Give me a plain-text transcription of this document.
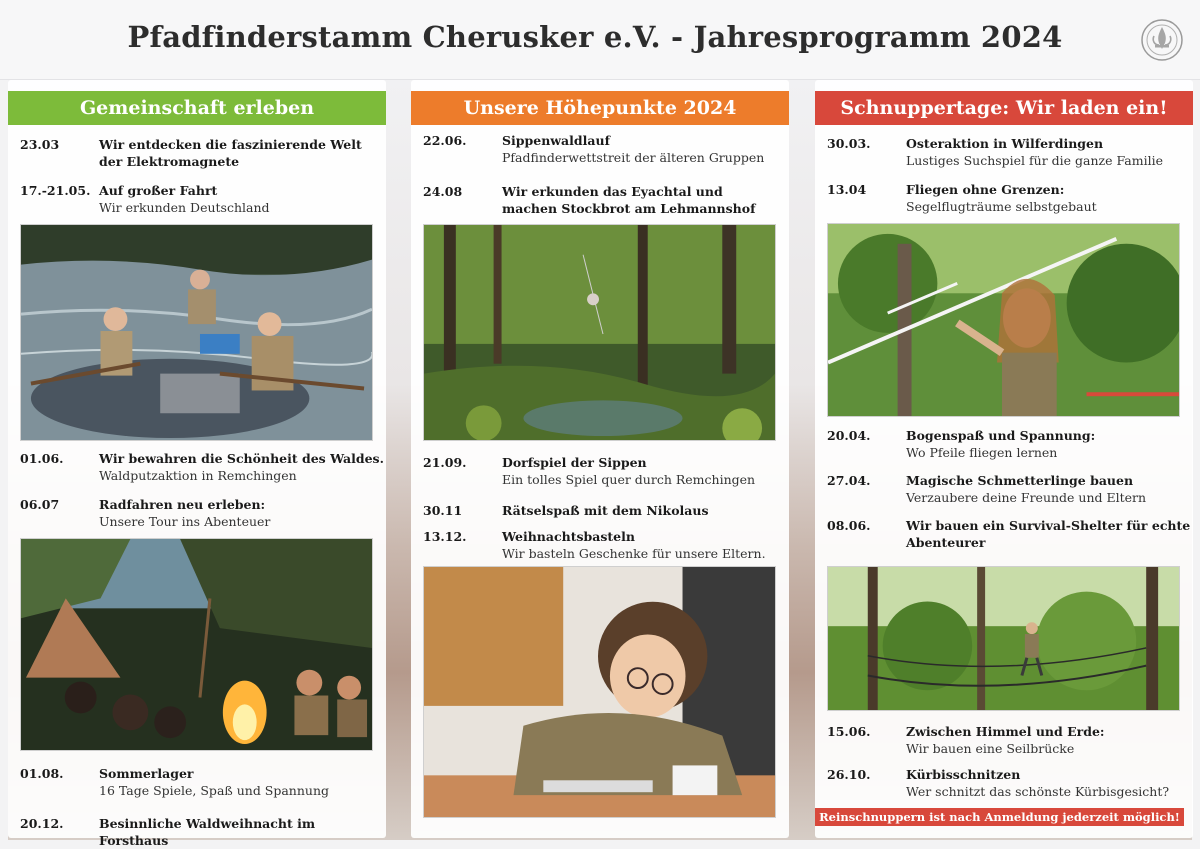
Pfadfinderstamm Cherusker e.V. - Jahresprogramm 2024
Gemeinschaft erleben
23.03	Wir entdecken die faszinierende Welt der Elektromagnete
17.-21.05. Auf großer Fahrt
Wir erkunden Deutschland
01.06.	Wir bewahren die Schönheit des Waldes.
Waldputzaktion in Remchingen
06.07	Radfahren neu erleben:
Unsere Tour ins Abenteuer
01.08.	Sommerlager
16 Tage Spiele, Spaß und Spannung
20.12.	Besinnliche Waldweihnacht im Forsthaus
Unsere Höhepunkte 2024
22.06.	Sippenwaldlauf
Pfadfinderwettstreit der älteren Gruppen
24.08	Wir erkunden das Eyachtal und machen Stockbrot am Lehmannshof
21.09.	Dorfspiel der Sippen
Ein tolles Spiel quer durch Remchingen
30.11	Rätselspaß mit dem Nikolaus
13.12.	Weihnachtsbasteln
Wir basteln Geschenke für unsere Eltern.
Schnuppertage: Wir laden ein!
30.03.	Osteraktion in Wilferdingen
Lustiges Suchspiel für die ganze Familie
13.04	Fliegen ohne Grenzen:
Segelflugträume selbstgebaut
20.04.	Bogenspaß und Spannung:
Wo Pfeile fliegen lernen
27.04.	Magische Schmetterlinge bauen
Verzaubere deine Freunde und Eltern
08.06.	Wir bauen ein Survival-Shelter für echte Abenteurer
15.06.	Zwischen Himmel und Erde:
Wir bauen eine Seilbrücke
26.10.	Kürbisschnitzen
Wer schnitzt das schönste Kürbisgesicht?
Reinschnuppern ist nach Anmeldung jederzeit möglich!
